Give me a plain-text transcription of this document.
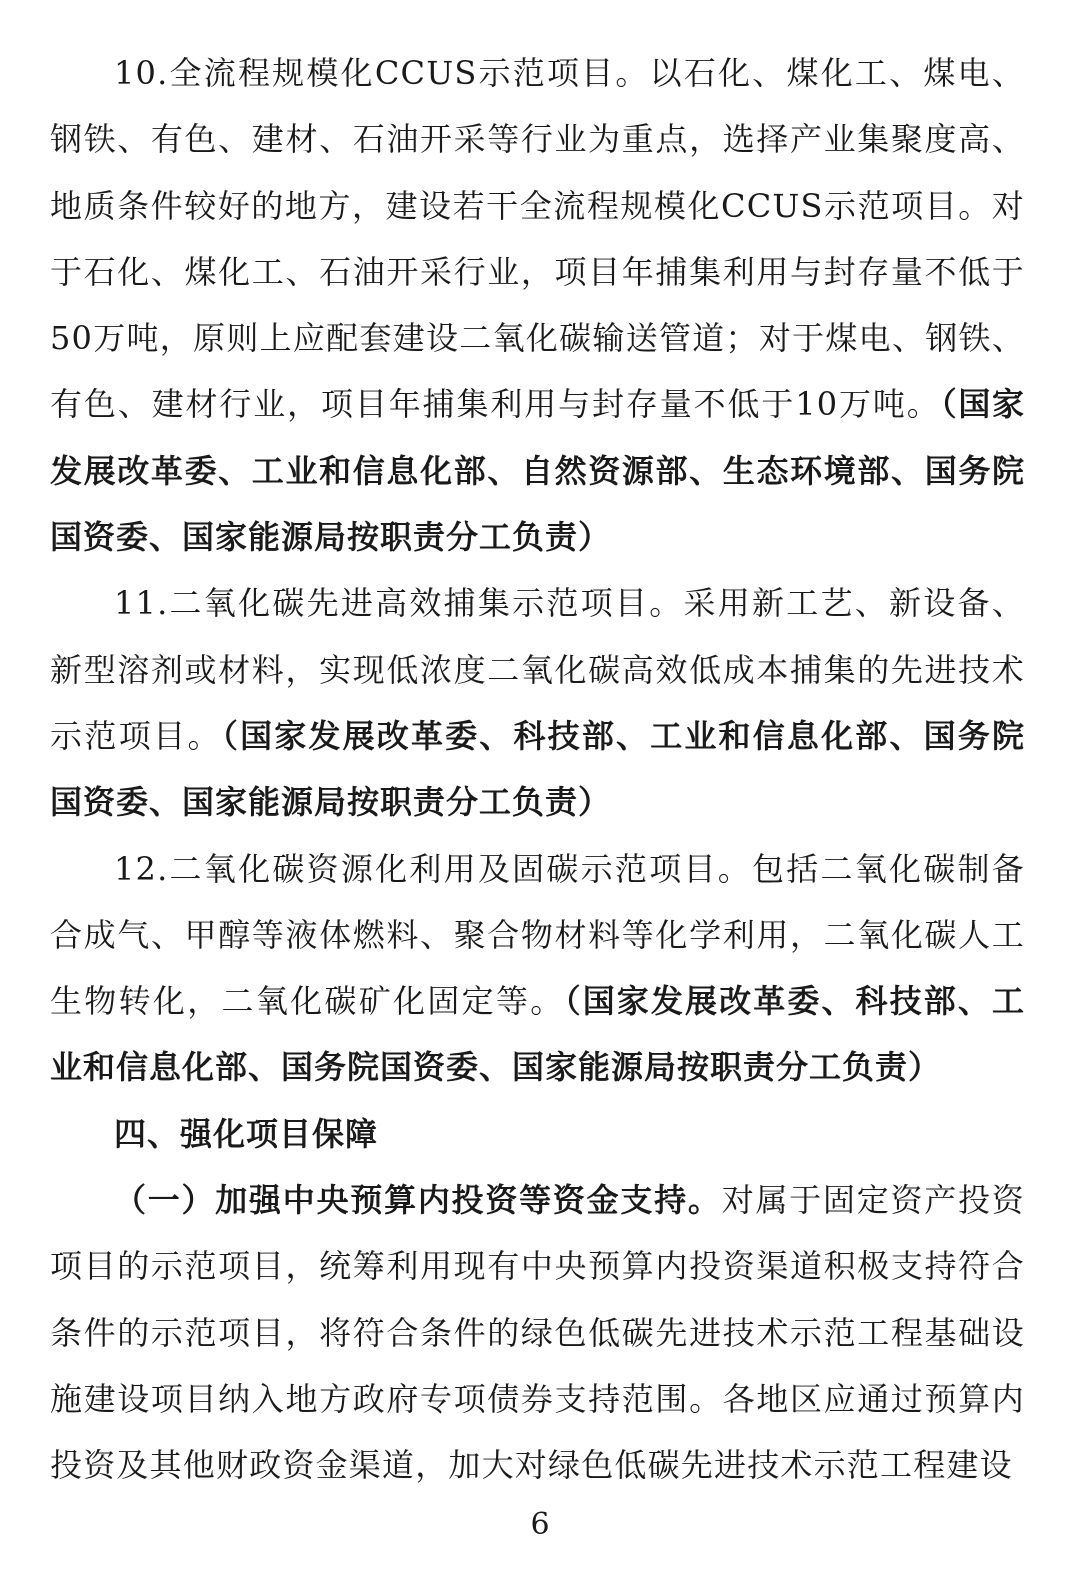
10.全流程规模化CCUS示范项目。以石化、煤化工、煤电、钢铁、有色、建材、石油开采等行业为重点，选择产业集聚度高、地质条件较好的地方，建设若干全流程规模化CCUS示范项目。对于石化、煤化工、石油开采行业，项目年捕集利用与封存量不低于50万吨，原则上应配套建设二氧化碳输送管道；对于煤电、钢铁、有色、建材行业，项目年捕集利用与封存量不低于10万吨。（国家发展改革委、工业和信息化部、自然资源部、生态环境部、国务院国资委、国家能源局按职责分工负责）

11.二氧化碳先进高效捕集示范项目。采用新工艺、新设备、新型溶剂或材料，实现低浓度二氧化碳高效低成本捕集的先进技术示范项目。（国家发展改革委、科技部、工业和信息化部、国务院国资委、国家能源局按职责分工负责）

12.二氧化碳资源化利用及固碳示范项目。包括二氧化碳制备合成气、甲醇等液体燃料、聚合物材料等化学利用，二氧化碳人工生物转化，二氧化碳矿化固定等。（国家发展改革委、科技部、工业和信息化部、国务院国资委、国家能源局按职责分工负责）

四、强化项目保障

（一）加强中央预算内投资等资金支持。对属于固定资产投资项目的示范项目，统筹利用现有中央预算内投资渠道积极支持符合条件的示范项目，将符合条件的绿色低碳先进技术示范工程基础设施建设项目纳入地方政府专项债券支持范围。各地区应通过预算内投资及其他财政资金渠道，加大对绿色低碳先进技术示范工程建设

6
